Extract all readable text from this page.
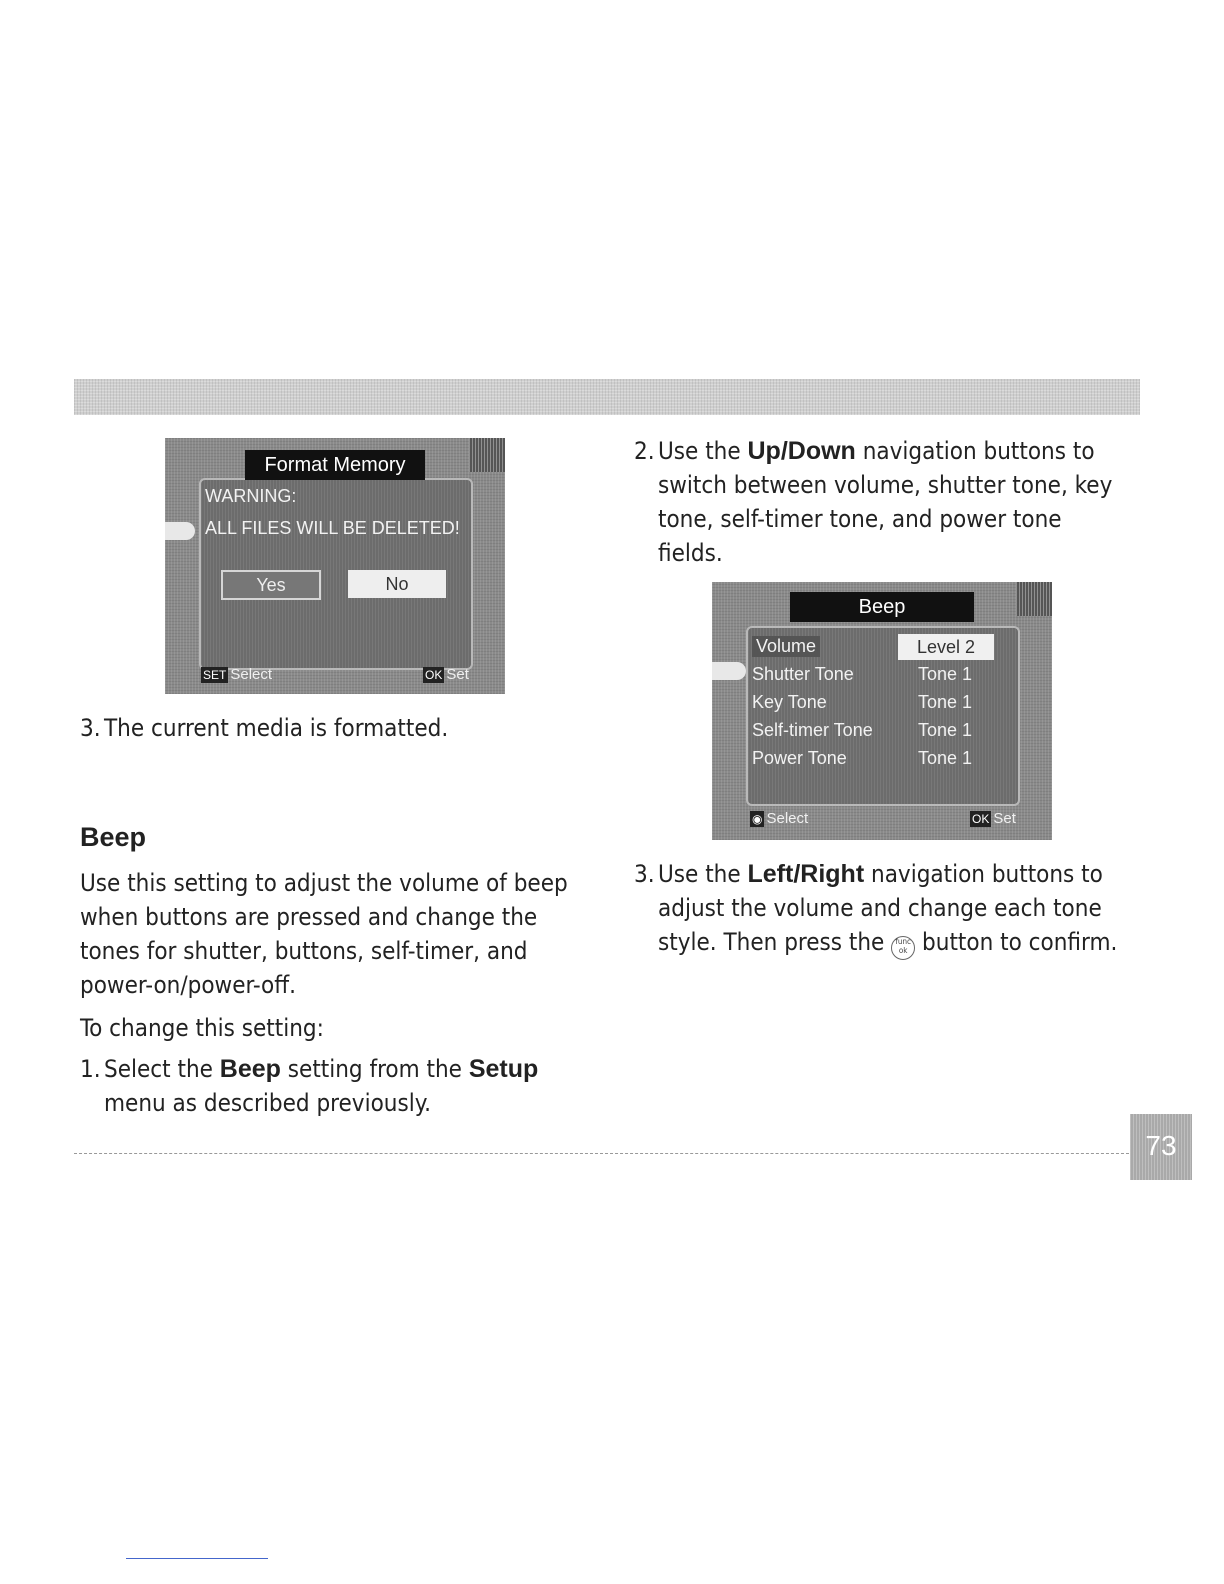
Format Memory
WARNING:
ALL FILES WILL BE DELETED!
Yes	No
SET Select	OK Set
3. The current media is formatted.
Beep

Use this setting to adjust the volume of beep when buttons are pressed and change the tones for shutter, buttons, self-timer, and power-on/power-off.

To change this setting:

1. Select the Beep setting from the Setup menu as described previously.
2. Use the Up/Down navigation buttons to switch between volume, shutter tone, key tone, self-timer tone, and power tone fields.
Beep
Volume	Level 2
Shutter Tone	Tone 1
Key Tone	Tone 1
Self-timer Tone	Tone 1
Power Tone	Tone 1
◉ Select	OK Set
3. Use the Left/Right navigation buttons to adjust the volume and change each tone style. Then press the func
ok button to confirm.
73
